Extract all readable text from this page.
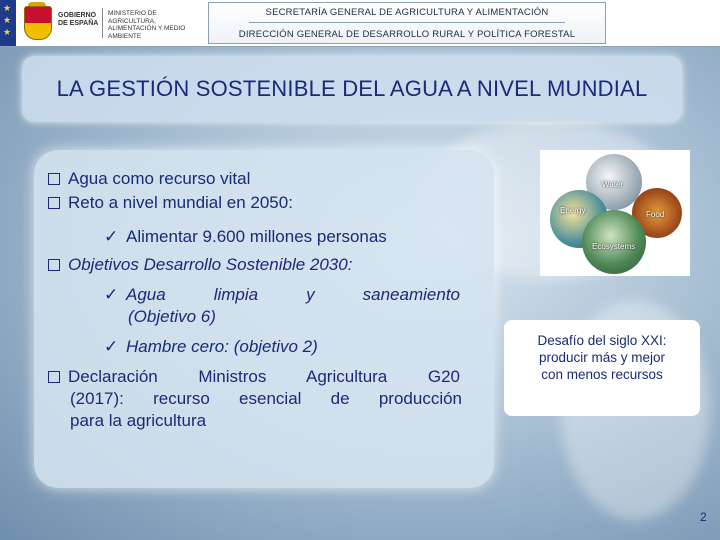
★
★
★
GOBIERNO DE ESPAÑA
MINISTERIO DE AGRICULTURA, ALIMENTACIÓN Y MEDIO AMBIENTE
SECRETARÍA GENERAL DE AGRICULTURA Y ALIMENTACIÓN
DIRECCIÓN GENERAL DE DESARROLLO RURAL Y POLÍTICA FORESTAL
LA GESTIÓN SOSTENIBLE DEL AGUA A NIVEL MUNDIAL
Agua como recurso vital
Reto a nivel mundial en 2050:
✓ Alimentar 9.600 millones personas
Objetivos Desarrollo Sostenible 2030:
✓ Agua limpia y saneamiento
(Objetivo 6)
✓ Hambre cero: (objetivo 2)
Declaración Ministros Agricultura G20
(2017): recurso esencial de producción
para la agricultura
Water
Energy	Food
Ecosystems
Desafío del siglo XXI:
producir más y mejor
con menos recursos
2
